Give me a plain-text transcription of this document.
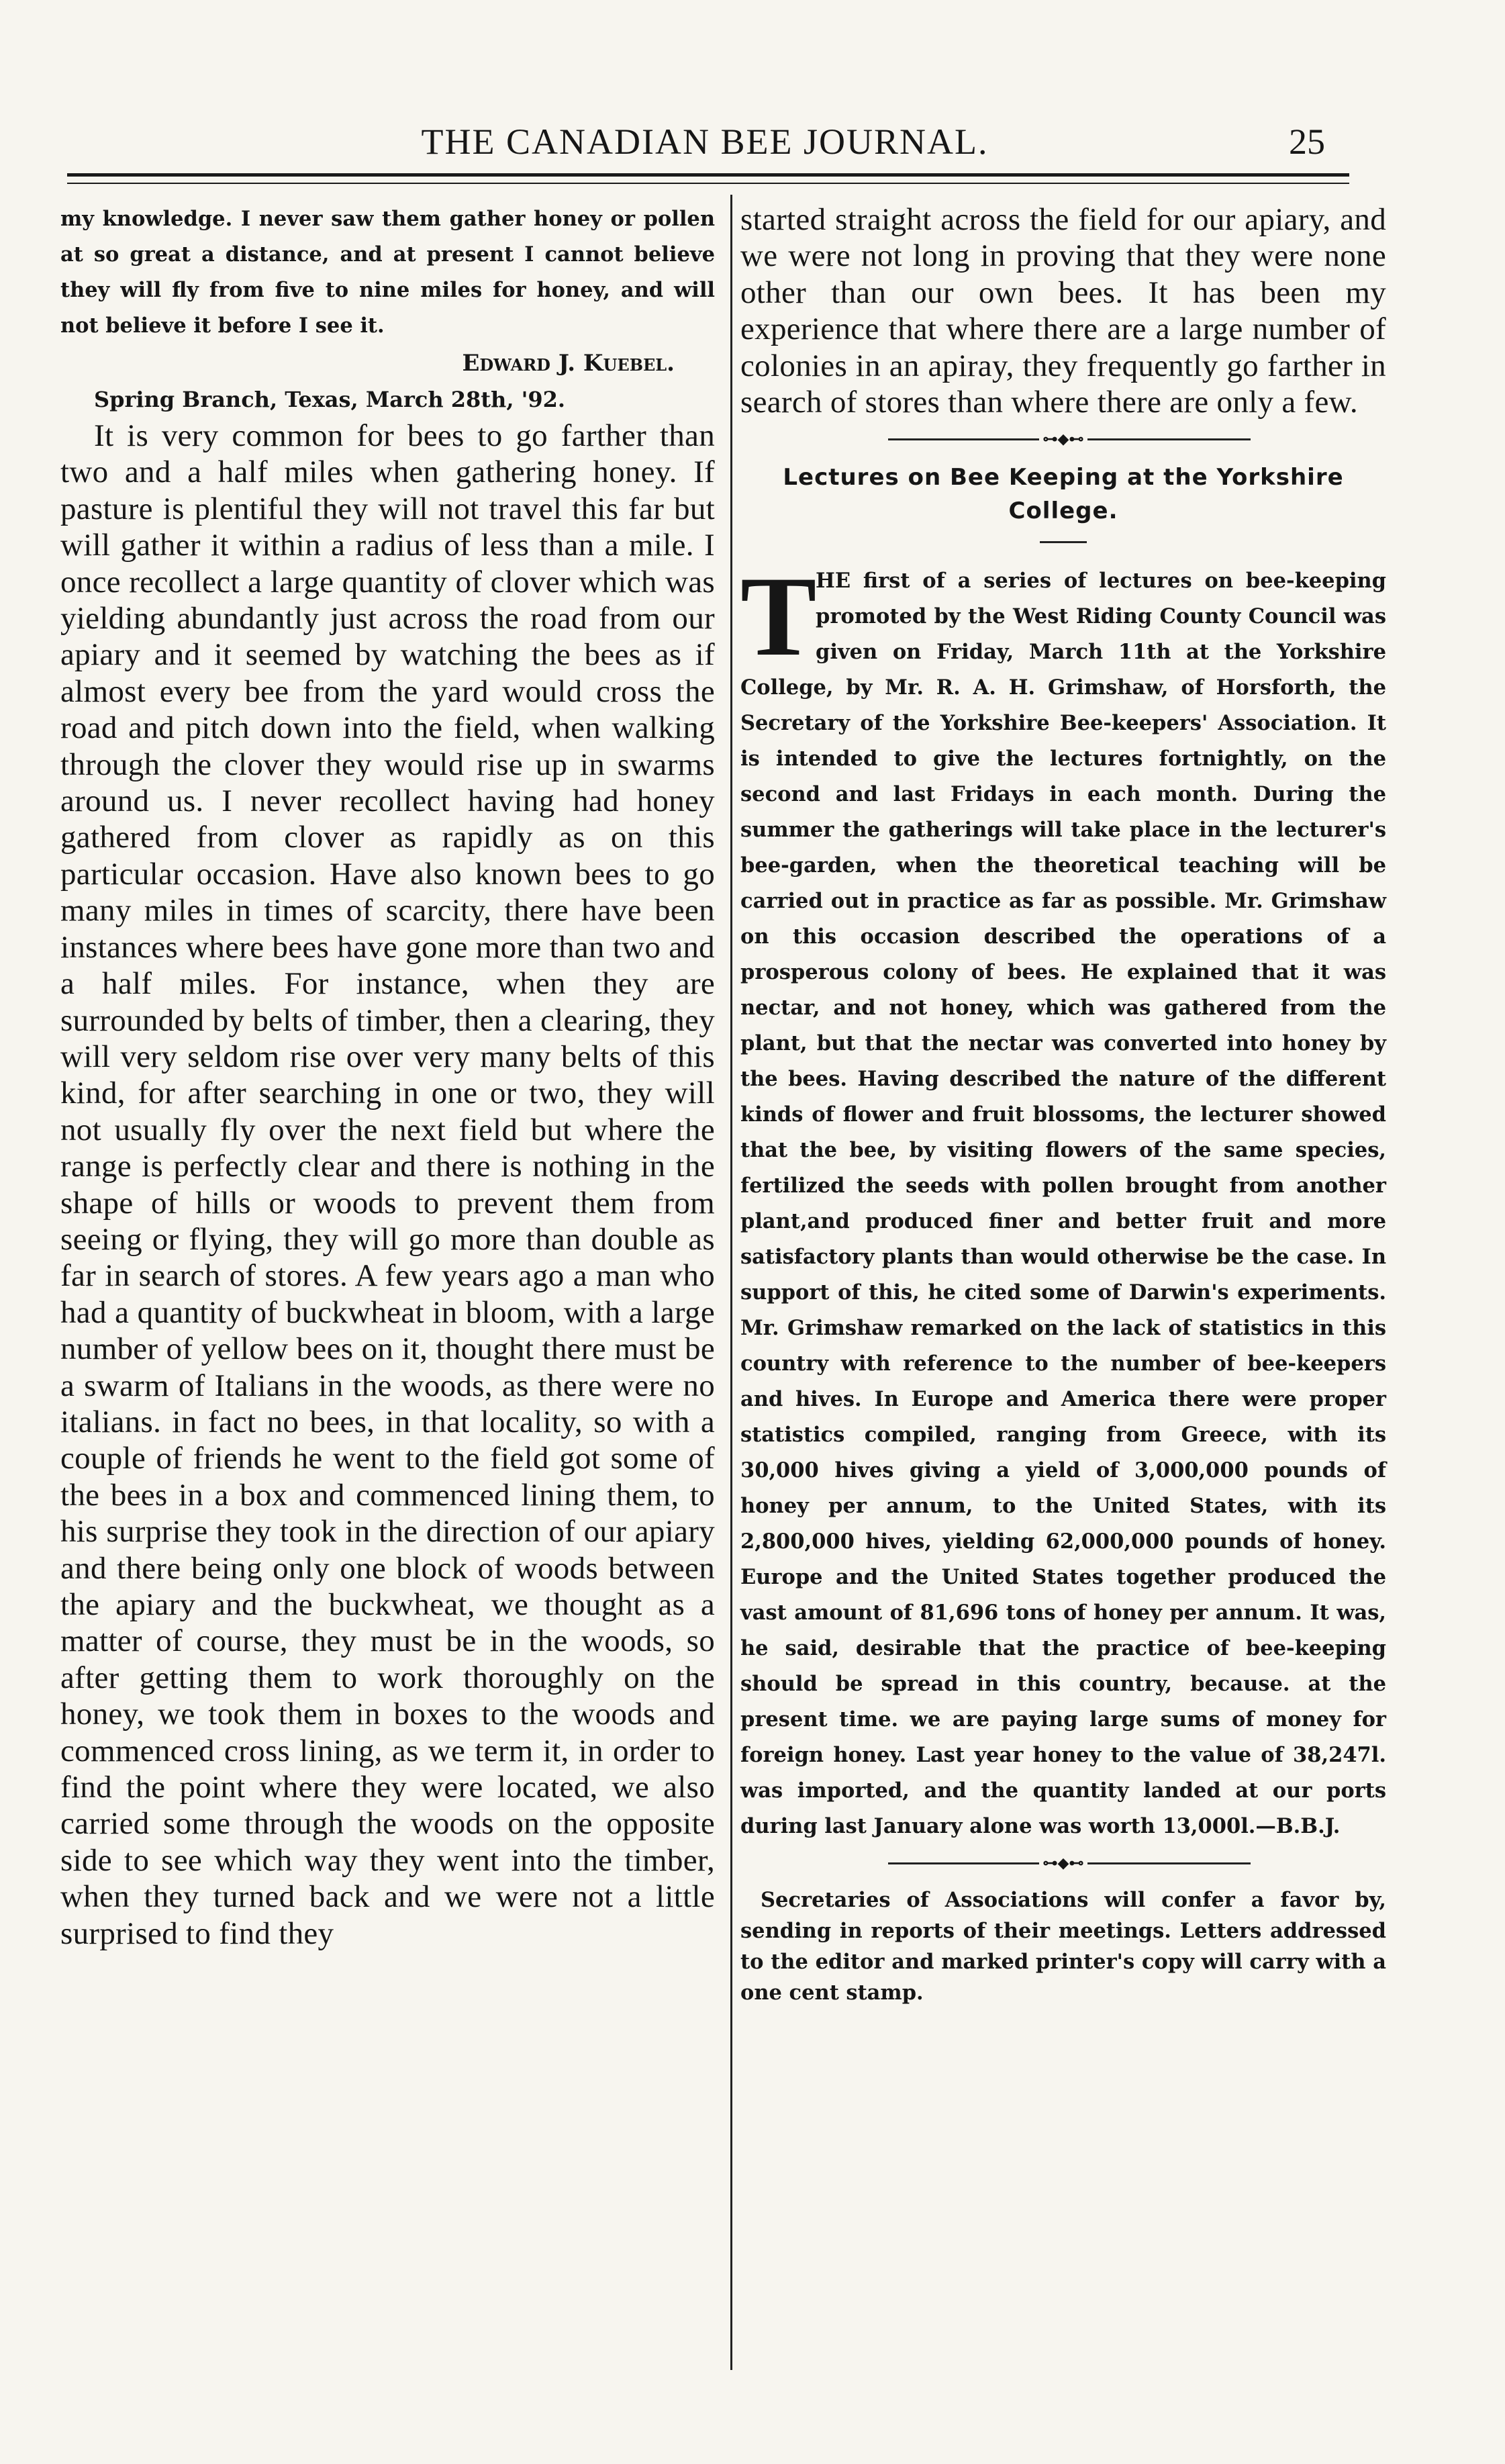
THE CANADIAN BEE JOURNAL.	25

my knowledge. I never saw them gather honey or pollen at so great a distance, and at present I cannot believe they will fly from five to nine miles for honey, and will not believe it before I see it.

Edward J. Kuebel.

Spring Branch, Texas, March 28th, '92.

It is very common for bees to go farther than two and a half miles when gathering honey. If pasture is plentiful they will not travel this far but will gather it within a radius of less than a mile. I once recollect a large quantity of clover which was yielding abundantly just across the road from our apiary and it seemed by watching the bees as if almost every bee from the yard would cross the road and pitch down into the field, when walking through the clover they would rise up in swarms around us. I never recollect having had honey gathered from clover as rapidly as on this particular occasion. Have also known bees to go many miles in times of scarcity, there have been instances where bees have gone more than two and a half miles. For instance, when they are surrounded by belts of timber, then a clearing, they will very seldom rise over very many belts of this kind, for after searching in one or two, they will not usually fly over the next field but where the range is perfectly clear and there is nothing in the shape of hills or woods to prevent them from seeing or flying, they will go more than double as far in search of stores. A few years ago a man who had a quantity of buckwheat in bloom, with a large number of yellow bees on it, thought there must be a swarm of Italians in the woods, as there were no italians. in fact no bees, in that locality, so with a couple of friends he went to the field got some of the bees in a box and commenced lining them, to his surprise they took in the direction of our apiary and there being only one block of woods between the apiary and the buckwheat, we thought as a matter of course, they must be in the woods, so after getting them to work thoroughly on the honey, we took them in boxes to the woods and commenced cross lining, as we term it, in order to find the point where they were located, we also carried some through the woods on the opposite side to see which way they went into the timber, when they turned back and we were not a little surprised to find they

started straight across the field for our apiary, and we were not long in proving that they were none other than our own bees. It has been my experience that where there are a large number of colonies in an apiray, they frequently go farther in search of stores than where there are only a few.

⊶◆⊷
Lectures on Bee Keeping at the Yorkshire College.
T

HE first of a series of lectures on bee-keeping promoted by the West Riding County Council was given on Friday, March 11th at the Yorkshire College, by Mr. R. A. H. Grimshaw, of Horsforth, the Secretary of the Yorkshire Bee-keepers' Association. It is intended to give the lectures fortnightly, on the second and last Fridays in each month. During the summer the gatherings will take place in the lecturer's bee-garden, when the theoretical teaching will be carried out in practice as far as possible. Mr. Grimshaw on this occasion described the operations of a prosperous colony of bees. He explained that it was nectar, and not honey, which was gathered from the plant, but that the nectar was converted into honey by the bees. Having described the nature of the different kinds of flower and fruit blossoms, the lecturer showed that the bee, by visiting flowers of the same species, fertilized the seeds with pollen brought from another plant,and produced finer and better fruit and more satisfactory plants than would otherwise be the case. In support of this, he cited some of Darwin's experiments. Mr. Grimshaw remarked on the lack of statistics in this country with reference to the number of bee-keepers and hives. In Europe and America there were proper statistics compiled, ranging from Greece, with its 30,000 hives giving a yield of 3,000,000 pounds of honey per annum, to the United States, with its 2,800,000 hives, yielding 62,000,000 pounds of honey. Europe and the United States together produced the vast amount of 81,696 tons of honey per annum. It was, he said, desirable that the practice of bee-keeping should be spread in this country, because. at the present time. we are paying large sums of money for foreign honey. Last year honey to the value of 38,247l. was imported, and the quantity landed at our ports during last January alone was worth 13,000l.—B.B.J.

⊶◆⊷

Secretaries of Associations will confer a favor by, sending in reports of their meetings. Letters addressed to the editor and marked printer's copy will carry with a one cent stamp.
